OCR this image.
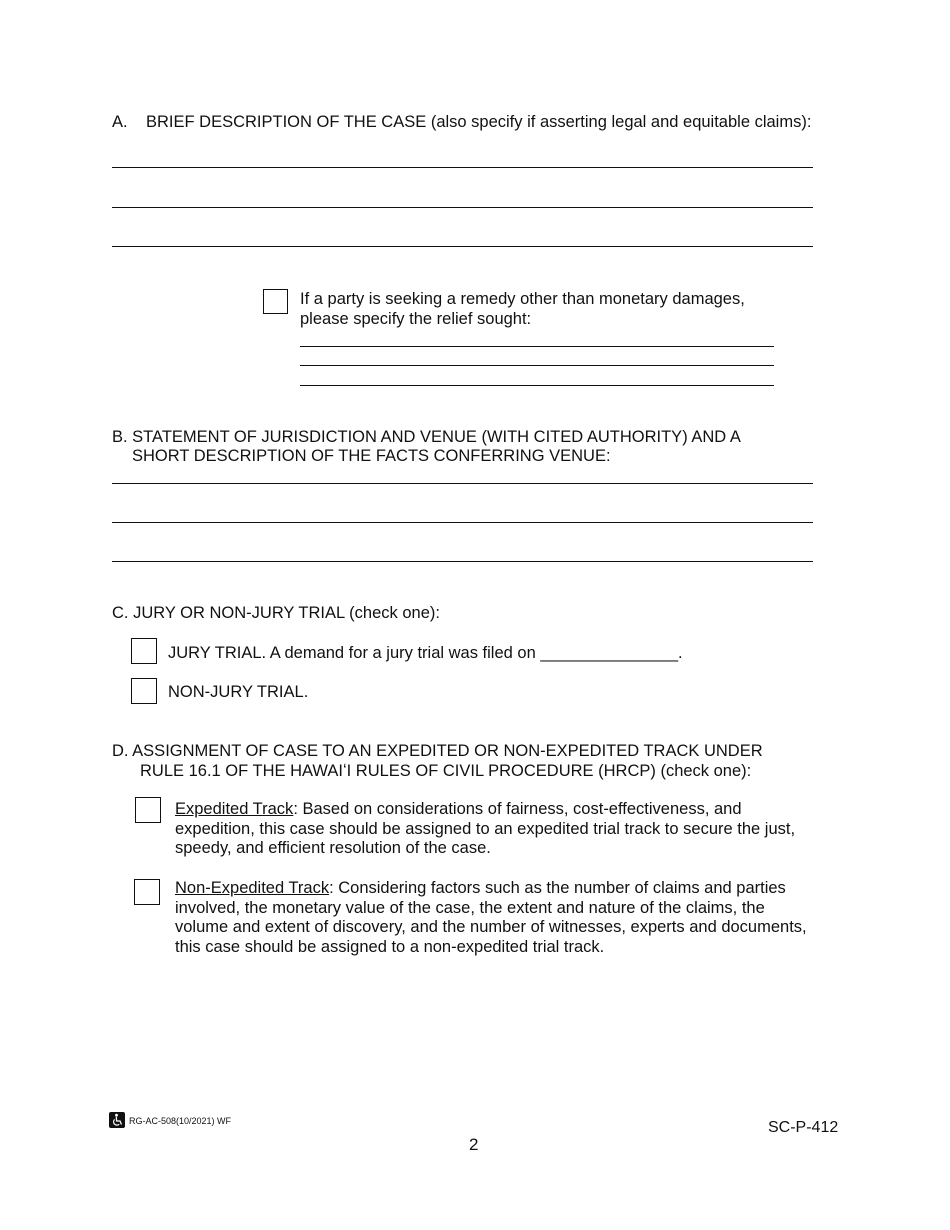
A. BRIEF DESCRIPTION OF THE CASE (also specify if asserting legal and equitable claims):
If a party is seeking a remedy other than monetary damages,
please specify the relief sought:
B. STATEMENT OF JURISDICTION AND VENUE (WITH CITED AUTHORITY) AND A
SHORT DESCRIPTION OF THE FACTS CONFERRING VENUE:
C. JURY OR NON-JURY TRIAL (check one):
JURY TRIAL. A demand for a jury trial was filed on _______________.
NON-JURY TRIAL.
D. ASSIGNMENT OF CASE TO AN EXPEDITED OR NON-EXPEDITED TRACK UNDER
RULE 16.1 OF THE HAWAIʻI RULES OF CIVIL PROCEDURE (HRCP) (check one):
Expedited Track: Based on considerations of fairness, cost-effectiveness, and
expedition, this case should be assigned to an expedited trial track to secure the just,
speedy, and efficient resolution of the case.
Non-Expedited Track: Considering factors such as the number of claims and parties
involved, the monetary value of the case, the extent and nature of the claims, the
volume and extent of discovery, and the number of witnesses, experts and documents,
this case should be assigned to a non-expedited trial track.
RG-AC-508(10/2021) WF	SC-P-412
2
